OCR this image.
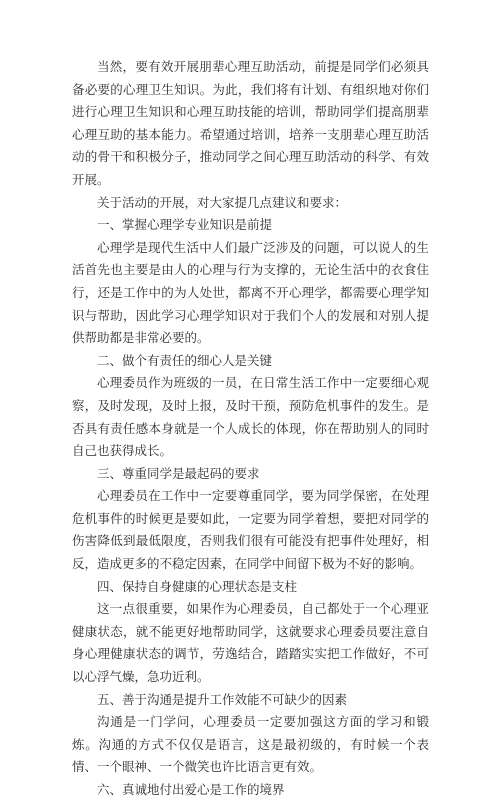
当然，要有效开展朋辈心理互助活动，前提是同学们必须具备必要的心理卫生知识。为此，我们将有计划、有组织地对你们进行心理卫生知识和心理互助技能的培训，帮助同学们提高朋辈心理互助的基本能力。希望通过培训，培养一支朋辈心理互助活动的骨干和积极分子，推动同学之间心理互助活动的科学、有效开展。

关于活动的开展，对大家提几点建议和要求：

一、掌握心理学专业知识是前提

心理学是现代生活中人们最广泛涉及的问题，可以说人的生活首先也主要是由人的心理与行为支撑的，无论生活中的衣食住行，还是工作中的为人处世，都离不开心理学，都需要心理学知识与帮助，因此学习心理学知识对于我们个人的发展和对别人提供帮助都是非常必要的。

二、做个有责任的细心人是关键

心理委员作为班级的一员，在日常生活工作中一定要细心观察，及时发现，及时上报，及时干预，预防危机事件的发生。是否具有责任感本身就是一个人成长的体现，你在帮助别人的同时自己也获得成长。

三、尊重同学是最起码的要求

心理委员在工作中一定要尊重同学，要为同学保密，在处理危机事件的时候更是要如此，一定要为同学着想，要把对同学的伤害降低到最低限度，否则我们很有可能没有把事件处理好，相反，造成更多的不稳定因素，在同学中间留下极为不好的影响。

四、保持自身健康的心理状态是支柱

这一点很重要，如果作为心理委员，自己都处于一个心理亚健康状态，就不能更好地帮助同学，这就要求心理委员要注意自身心理健康状态的调节，劳逸结合，踏踏实实把工作做好，不可以心浮气燥，急功近利。

五、善于沟通是提升工作效能不可缺少的因素

沟通是一门学问，心理委员一定要加强这方面的学习和锻炼。沟通的方式不仅仅是语言，这是最初级的，有时候一个表情、一个眼神、一个微笑也许比语言更有效。

六、真诚地付出爱心是工作的境界
